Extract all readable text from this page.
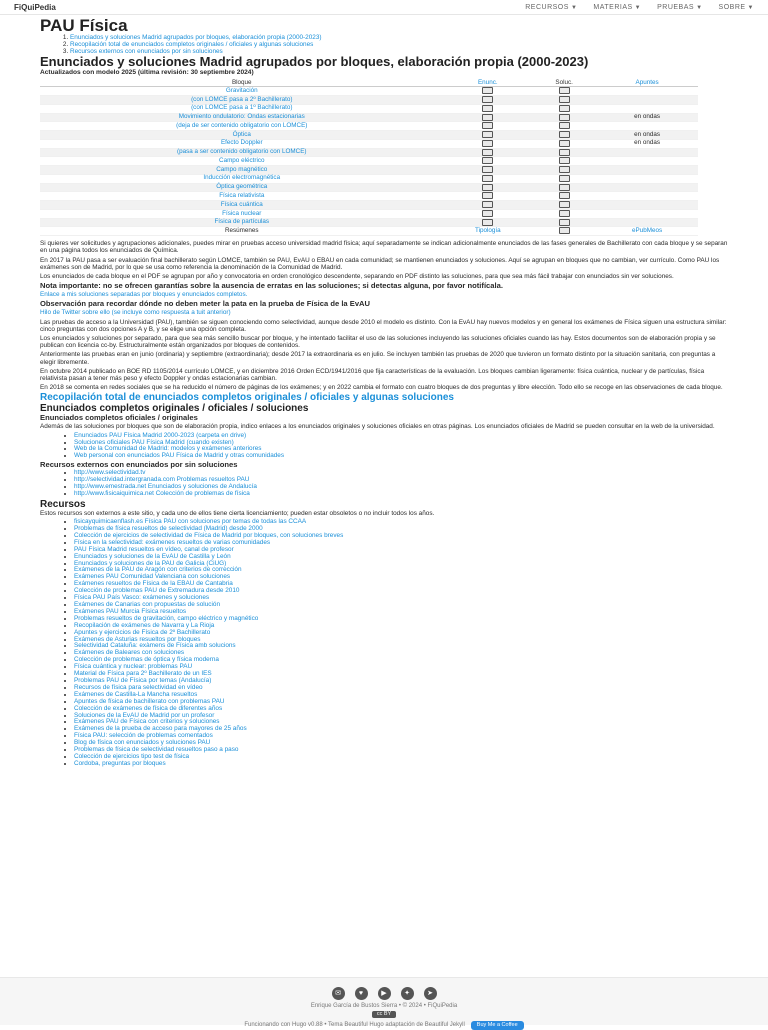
FiQuiPedia	RECURSOS ▼ MATERIAS ▼ PRUEBAS ▼ SOBRE ▼
PAU Física
1. Enunciados y soluciones Madrid agrupados por bloques, elaboración propia (2000-2023)
2. Recopilación total de enunciados completos originales / oficiales y algunas soluciones
3. Recursos externos con enunciados por sin soluciones
Enunciados y soluciones Madrid agrupados por bloques, elaboración propia (2000-2023)
Actualizados con modelo 2025 (última revisión: 30 septiembre 2024)
Bloque	Enunc.	Soluc.	Apuntes
Gravitación			
(con LOMCE pasa a 2º Bachillerato)			
(con LOMCE pasa a 1º Bachillerato)			
Movimiento ondulatorio: Ondas estacionarias			en ondas
(deja de ser contenido obligatorio con LOMCE)			
Óptica			en ondas
Efecto Doppler			en ondas
(pasa a ser contenido obligatorio con LOMCE)			
Campo eléctrico			
Campo magnético			
Inducción electromagnética			
Óptica geométrica			
Física relativista			
Física cuántica			
Física nuclear			
Física de partículas			
Resúmenes	Tipología		ePubMeos

Si quieres ver solicitudes y agrupaciones adicionales, puedes mirar en pruebas acceso universidad madrid física; aquí separadamente se indican adicionalmente enunciados de las fases generales de Bachillerato con cada bloque y se separan en una página todos los enunciados de Química.

En 2017 la PAU pasa a ser evaluación final bachillerato según LOMCE, también se PAU, EvAU o EBAU en cada comunidad; se mantienen enunciados y soluciones. Aquí se agrupan en bloques que no cambian, ver currículo. Como PAU los exámenes son de Madrid, por lo que se usa como referencia la denominación de la Comunidad de Madrid.

Los enunciados de cada bloque en el PDF se agrupan por año y convocatoria en orden cronológico descendente, separando en PDF distinto las soluciones, para que sea más fácil trabajar con enunciados sin ver soluciones.

Nota importante: no se ofrecen garantías sobre la ausencia de erratas en las soluciones; si detectas alguna, por favor notifícala.

Enlace a mis soluciones separadas por bloques y enunciados completos.

Observación para recordar dónde no deben meter la pata en la prueba de Física de la EvAU

Hilo de Twitter sobre ello (se incluye como respuesta a tuit anterior)

Las pruebas de acceso a la Universidad (PAU), también se siguen conociendo como selectividad, aunque desde 2010 el modelo es distinto. Con la EvAU hay nuevos modelos y en general los exámenes de Física siguen una estructura similar: cinco preguntas con dos opciones A y B, y se elige una opción completa.

Los enunciados y soluciones por separado, para que sea más sencillo buscar por bloque, y he intentado facilitar el uso de las soluciones incluyendo las soluciones oficiales cuando las hay. Estos documentos son de elaboración propia y se publican con licencia cc-by. Estructuralmente están organizados por bloques de contenidos.

Anteriormente las pruebas eran en junio (ordinaria) y septiembre (extraordinaria); desde 2017 la extraordinaria es en julio. Se incluyen también las pruebas de 2020 que tuvieron un formato distinto por la situación sanitaria, con preguntas a elegir libremente.

En octubre 2014 publicado en BOE RD 1105/2014 currículo LOMCE, y en diciembre 2016 Orden ECD/1941/2016 que fija características de la evaluación. Los bloques cambian ligeramente: física cuántica, nuclear y de partículas, física relativista pasan a tener más peso y efecto Doppler y ondas estacionarias cambian.

En 2018 se comenta en redes sociales que se ha reducido el número de páginas de los exámenes; y en 2022 cambia el formato con cuatro bloques de dos preguntas y libre elección. Todo ello se recoge en las observaciones de cada bloque.

Recopilación total de enunciados completos originales / oficiales y algunas soluciones
Enunciados completos originales / oficiales / soluciones
Enunciados completos oficiales / originales

Además de las soluciones por bloques que son de elaboración propia, indico enlaces a los enunciados originales y soluciones oficiales en otras páginas. Los enunciados oficiales de Madrid se pueden consultar en la web de la universidad.

• Enunciados PAU Física Madrid 2000-2023 (carpeta en drive)
• Soluciones oficiales PAU Física Madrid (cuando existen)
• Web de la Comunidad de Madrid: modelos y exámenes anteriores
• Web personal con enunciados PAU Física de Madrid y otras comunidades
Recursos externos con enunciados por sin soluciones
• http://www.selectividad.tv
• http://selectividad.intergranada.com Problemas resueltos PAU
• http://www.emestrada.net Enunciados y soluciones de Andalucía
• http://www.fisicaiquimica.net Colección de problemas de física
Recursos

Estos recursos son externos a este sitio, y cada uno de ellos tiene cierta licenciamiento; pueden estar obsoletos o no incluir todos los años.

• fisicayquimicaenflash.es Física PAU con soluciones por temas de todas las CCAA
• Problemas de física resueltos de selectividad (Madrid) desde 2000
• Colección de ejercicios de selectividad de Física de Madrid por bloques, con soluciones breves
• Física en la selectividad: exámenes resueltos de varias comunidades
• PAU Física Madrid resueltos en vídeo, canal de profesor
• Enunciados y soluciones de la EvAU de Castilla y León
• Enunciados y soluciones de la PAU de Galicia (CiUG)
• Exámenes de la PAU de Aragón con criterios de corrección
• Exámenes PAU Comunidad Valenciana con soluciones
• Exámenes resueltos de Física de la EBAU de Cantabria
• Colección de problemas PAU de Extremadura desde 2010
• Física PAU País Vasco: exámenes y soluciones
• Exámenes de Canarias con propuestas de solución
• Exámenes PAU Murcia Física resueltos
• Problemas resueltos de gravitación, campo eléctrico y magnético
• Recopilación de exámenes de Navarra y La Rioja
• Apuntes y ejercicios de Física de 2º Bachillerato
• Exámenes de Asturias resueltos por bloques
• Selectividad Cataluña: exàmens de Física amb solucions
• Exámenes de Baleares con soluciones
• Colección de problemas de óptica y física moderna
• Física cuántica y nuclear: problemas PAU
• Material de Física para 2º Bachillerato de un IES
• Problemas PAU de Física por temas (Andalucía)
• Recursos de física para selectividad en vídeo
• Exámenes de Castilla-La Mancha resueltos
• Apuntes de física de bachillerato con problemas PAU
• Colección de exámenes de física de diferentes años
• Soluciones de la EvAU de Madrid por un profesor
• Exámenes PAU de Física con criterios y soluciones
• Exámenes de la prueba de acceso para mayores de 25 años
• Física PAU: selección de problemas comentados
• Blog de física con enunciados y soluciones PAU
• Problemas de física de selectividad resueltos paso a paso
• Colección de ejercicios tipo test de física
• Cordoba, preguntas por bloques
✉	♥	▶	✦	➤
Enrique García de Bustos Sierra • © 2024 • FiQuiPedia
cc BY
Funcionando con Hugo v0.88 • Tema Beautiful Hugo adaptación de Beautiful Jekyll Buy Me a Coffee
